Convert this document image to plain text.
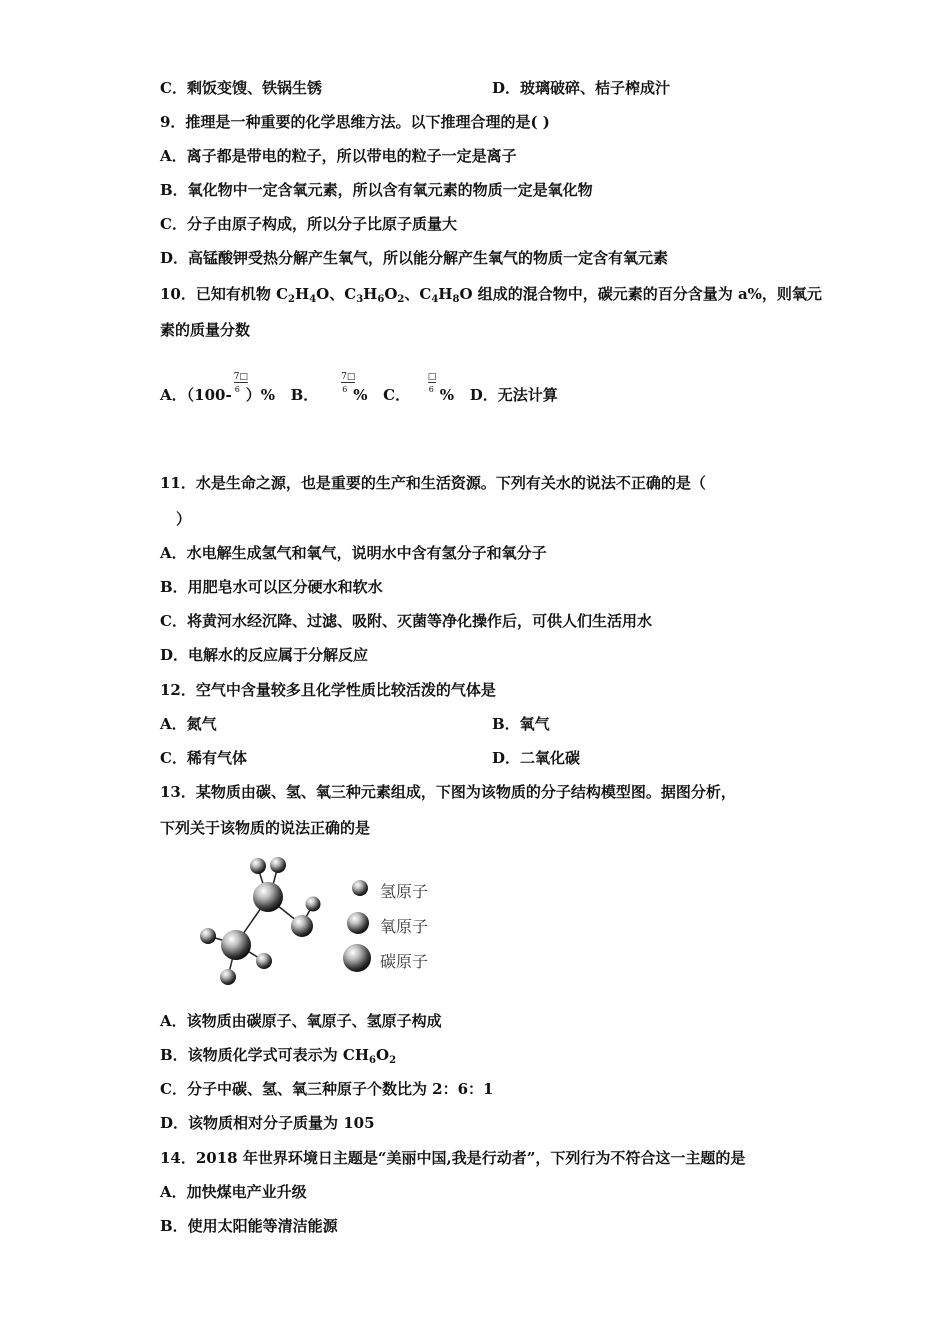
C．剩饭变馊、铁锅生锈	D．玻璃破碎、桔子榨成汁
9．推理是一种重要的化学思维方法。以下推理合理的是( )
A．离子都是带电的粒子，所以带电的粒子一定是离子
B．氧化物中一定含氧元素，所以含有氧元素的物质一定是氧化物
C．分子由原子构成，所以分子比原子质量大
D．高锰酸钾受热分解产生氧气，所以能分解产生氧气的物质一定含有氧元素
10．已知有机物 $C_2H_4O$、$C_3H_6O_2$、$C_4H_8O$ 组成的混合物中，碳元素的百分含量为 a%，则氧元
素的质量分数
A．（$100- \frac{7□}{6}$ ）% B． $\frac{7□}{6}$ % C． $\frac{□}{6}$ % D．无法计算
11．水是生命之源，也是重要的生产和生活资源。下列有关水的说法不正确的是（
）
A．水电解生成氢气和氧气，说明水中含有氢分子和氧分子
B．用肥皂水可以区分硬水和软水
C．将黄河水经沉降、过滤、吸附、灭菌等净化操作后，可供人们生活用水
D．电解水的反应属于分解反应
12．空气中含量较多且化学性质比较活泼的气体是
A．氮气	B．氧气
C．稀有气体	D．二氧化碳
13．某物质由碳、氢、氧三种元素组成，下图为该物质的分子结构模型图。据图分析，
下列关于该物质的说法正确的是
氢原子
氧原子
碳原子
A．该物质由碳原子、氧原子、氢原子构成
B．该物质化学式可表示为 $CH_6O_2$
C．分子中碳、氢、氧三种原子个数比为 2：6：1
D．该物质相对分子质量为 105
14．2018 年世界环境日主题是“美丽中国,我是行动者”，下列行为不符合这一主题的是
A．加快煤电产业升级
B．使用太阳能等清洁能源
